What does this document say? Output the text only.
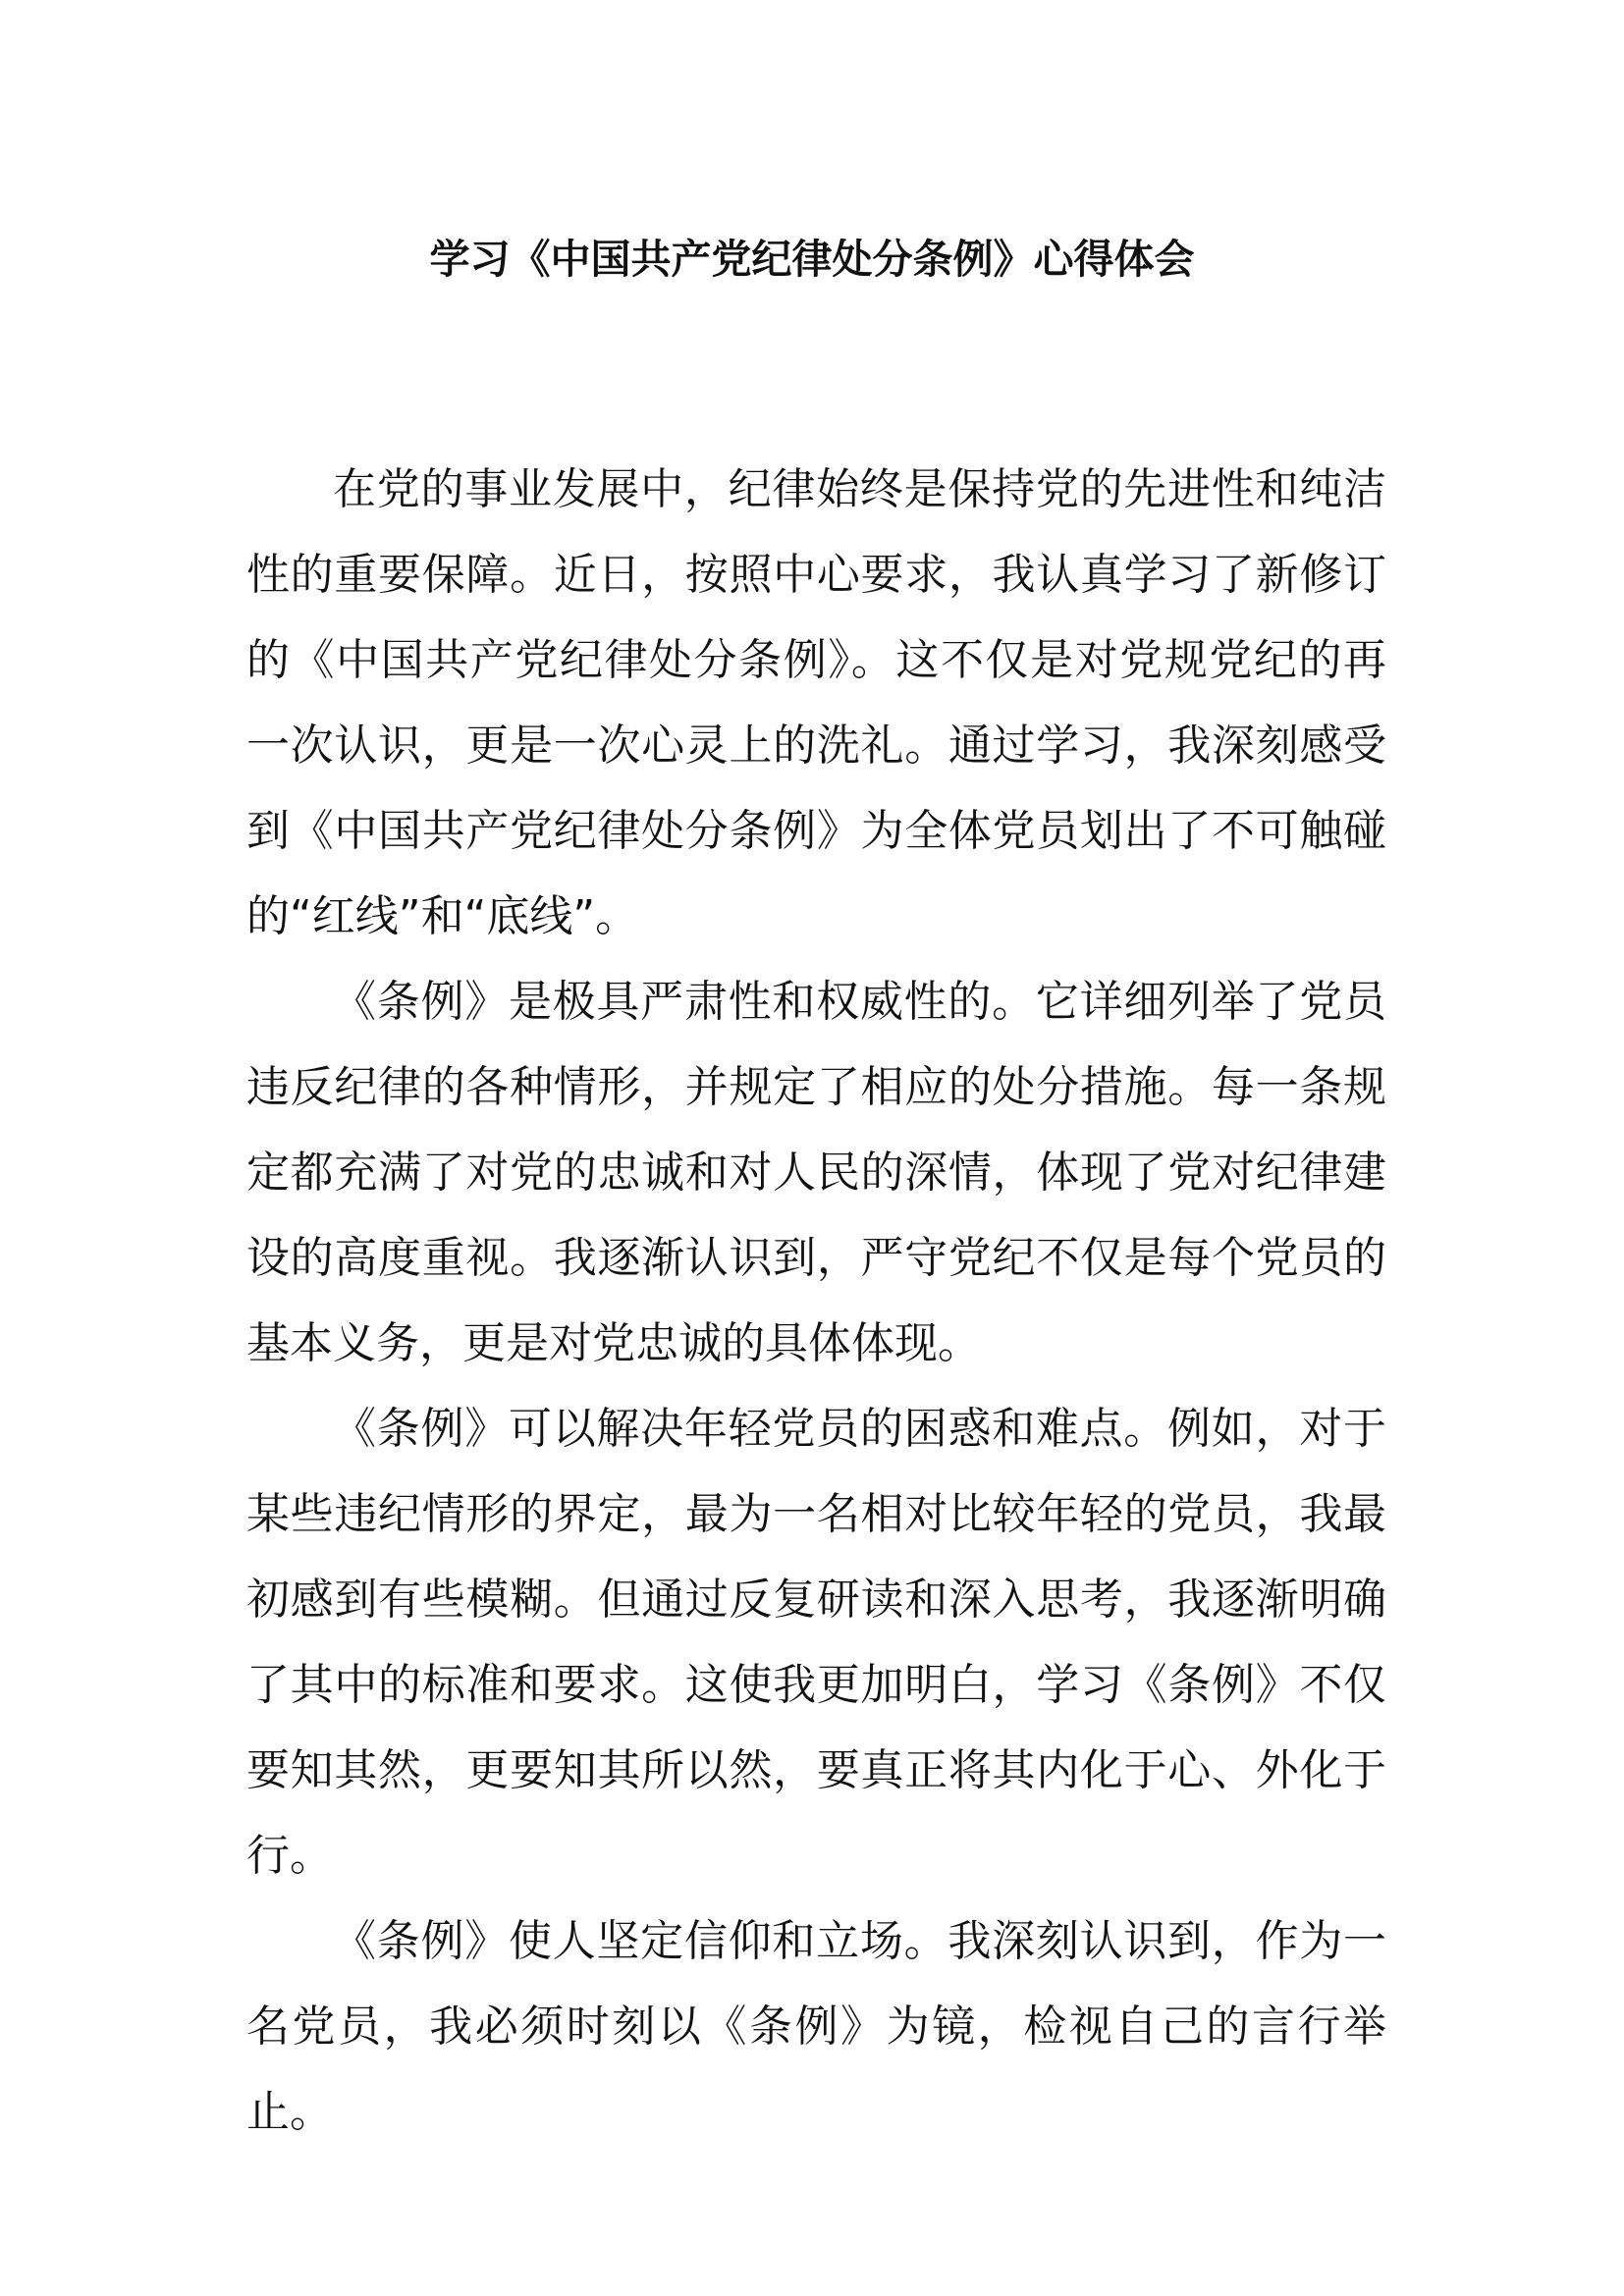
学习《中国共产党纪律处分条例》心得体会

在党的事业发展中，纪律始终是保持党的先进性和纯洁性的重要保障。近日，按照中心要求，我认真学习了新修订的《中国共产党纪律处分条例》。这不仅是对党规党纪的再一次认识，更是一次心灵上的洗礼。通过学习，我深刻感受到《中国共产党纪律处分条例》为全体党员划出了不可触碰的“红线”和“底线”。

《条例》是极具严肃性和权威性的。它详细列举了党员违反纪律的各种情形，并规定了相应的处分措施。每一条规定都充满了对党的忠诚和对人民的深情，体现了党对纪律建设的高度重视。我逐渐认识到，严守党纪不仅是每个党员的基本义务，更是对党忠诚的具体体现。

《条例》可以解决年轻党员的困惑和难点。例如，对于某些违纪情形的界定，最为一名相对比较年轻的党员，我最初感到有些模糊。但通过反复研读和深入思考，我逐渐明确了其中的标准和要求。这使我更加明白，学习《条例》不仅要知其然，更要知其所以然，要真正将其内化于心、外化于行。

《条例》使人坚定信仰和立场。我深刻认识到，作为一名党员，我必须时刻以《条例》为镜，检视自己的言行举止。
